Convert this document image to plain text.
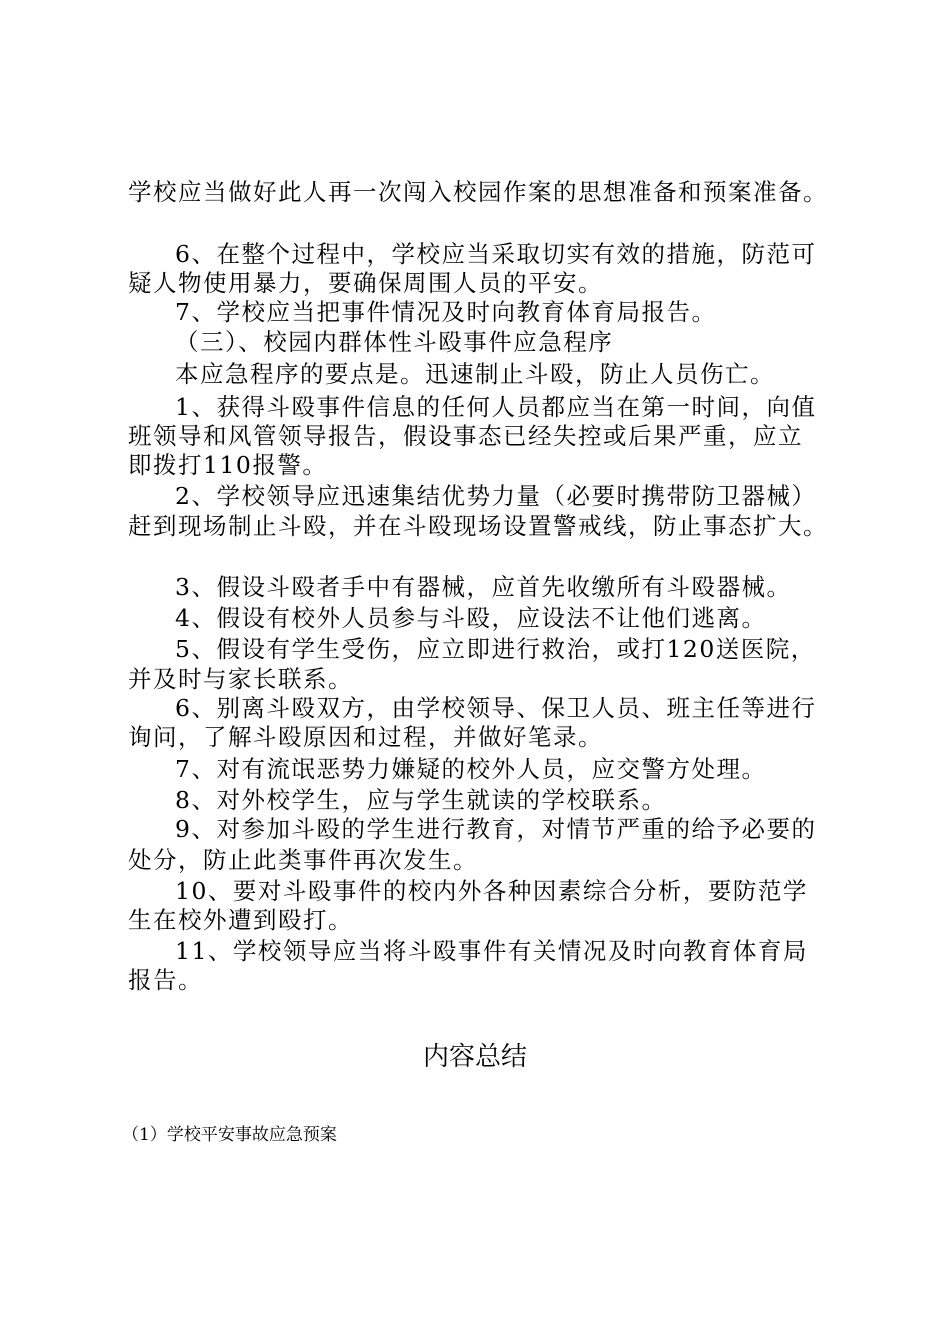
学校应当做好此人再一次闯入校园作案的思想准备和预案准备。
6、在整个过程中，学校应当采取切实有效的措施，防范可
疑人物使用暴力，要确保周围人员的平安。
7、学校应当把事件情况及时向教育体育局报告。
（三）、校园内群体性斗殴事件应急程序
本应急程序的要点是。迅速制止斗殴，防止人员伤亡。
1、获得斗殴事件信息的任何人员都应当在第一时间，向值
班领导和风管领导报告，假设事态已经失控或后果严重，应立
即拨打110报警。
2、学校领导应迅速集结优势力量（必要时携带防卫器械）
赶到现场制止斗殴，并在斗殴现场设置警戒线，防止事态扩大。
3、假设斗殴者手中有器械，应首先收缴所有斗殴器械。
4、假设有校外人员参与斗殴，应设法不让他们逃离。
5、假设有学生受伤，应立即进行救治，或打120送医院，
并及时与家长联系。
6、别离斗殴双方，由学校领导、保卫人员、班主任等进行
询问，了解斗殴原因和过程，并做好笔录。
7、对有流氓恶势力嫌疑的校外人员，应交警方处理。
8、对外校学生，应与学生就读的学校联系。
9、对参加斗殴的学生进行教育，对情节严重的给予必要的
处分，防止此类事件再次发生。
10、要对斗殴事件的校内外各种因素综合分析，要防范学
生在校外遭到殴打。
11、学校领导应当将斗殴事件有关情况及时向教育体育局
报告。
内容总结
（1）学校平安事故应急预案
